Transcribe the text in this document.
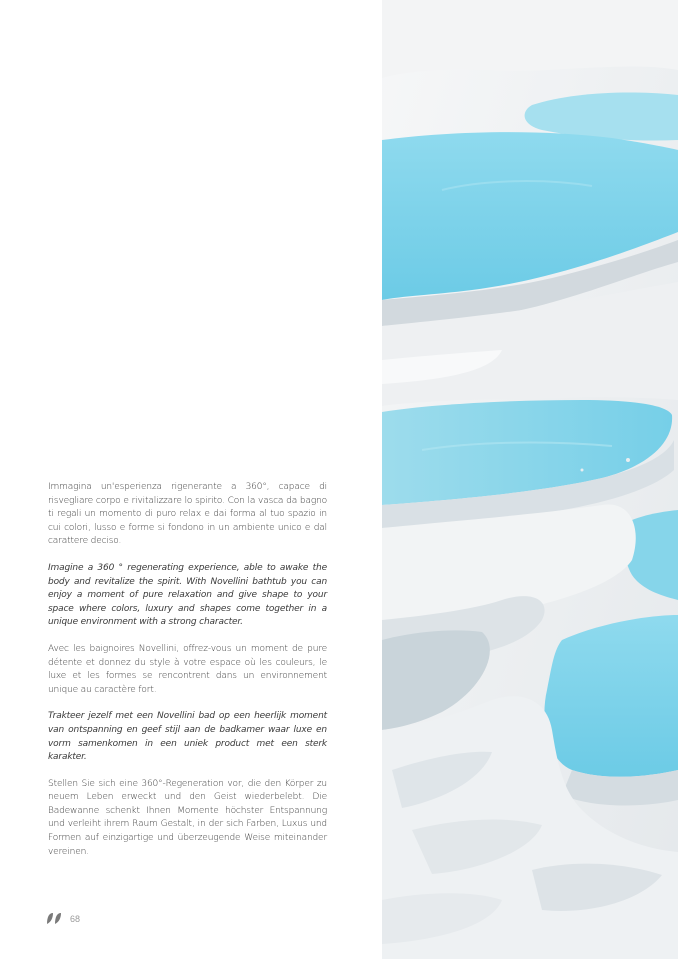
Immagina un'esperienza rigenerante a 360°, capace di risvegliare corpo e rivitalizzare lo spirito. Con la vasca da bagno ti regali un momento di puro relax e dai forma al tuo spazio in cui colori, lusso e forme si fondono in un ambiente unico e dal carattere deciso.

Imagine a 360 ° regenerating experience, able to awake the body and revitalize the spirit. With Novellini bathtub you can enjoy a moment of pure relaxation and give shape to your space where colors, luxury and shapes come together in a unique environment with a strong character.

Avec les baignoires Novellini, offrez-vous un moment de pure détente et donnez du style à votre espace où les couleurs, le luxe et les formes se rencontrent dans un environnement unique au caractère fort.

Trakteer jezelf met een Novellini bad op een heerlijk moment van ontspanning en geef stijl aan de badkamer waar luxe en vorm samenkomen in een uniek product met een sterk karakter.

Stellen Sie sich eine 360°-Regeneration vor, die den Körper zu neuem Leben erweckt und den Geist wiederbelebt. Die Badewanne schenkt Ihnen Momente höchster Entspannung und verleiht ihrem Raum Gestalt, in der sich Farben, Luxus und Formen auf einzigartige und überzeugende Weise miteinander vereinen.

68
